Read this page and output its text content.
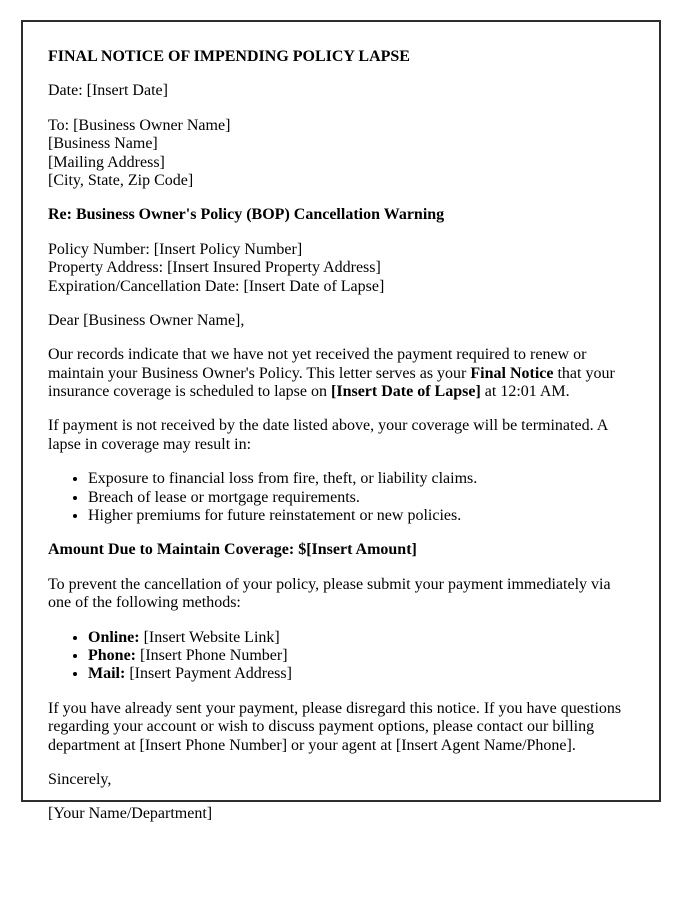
FINAL NOTICE OF IMPENDING POLICY LAPSE

Date: [Insert Date]

To: [Business Owner Name]
[Business Name]
[Mailing Address]
[City, State, Zip Code]

Re: Business Owner's Policy (BOP) Cancellation Warning

Policy Number: [Insert Policy Number]
Property Address: [Insert Insured Property Address]
Expiration/Cancellation Date: [Insert Date of Lapse]

Dear [Business Owner Name],

Our records indicate that we have not yet received the payment required to renew or maintain your Business Owner's Policy. This letter serves as your Final Notice that your insurance coverage is scheduled to lapse on [Insert Date of Lapse] at 12:01 AM.

If payment is not received by the date listed above, your coverage will be terminated. A lapse in coverage may result in:

• Exposure to financial loss from fire, theft, or liability claims.
• Breach of lease or mortgage requirements.
• Higher premiums for future reinstatement or new policies.

Amount Due to Maintain Coverage: $[Insert Amount]

To prevent the cancellation of your policy, please submit your payment immediately via one of the following methods:

• Online: [Insert Website Link]
• Phone: [Insert Phone Number]
• Mail: [Insert Payment Address]

If you have already sent your payment, please disregard this notice. If you have questions regarding your account or wish to discuss payment options, please contact our billing department at [Insert Phone Number] or your agent at [Insert Agent Name/Phone].

Sincerely,

[Your Name/Department]
